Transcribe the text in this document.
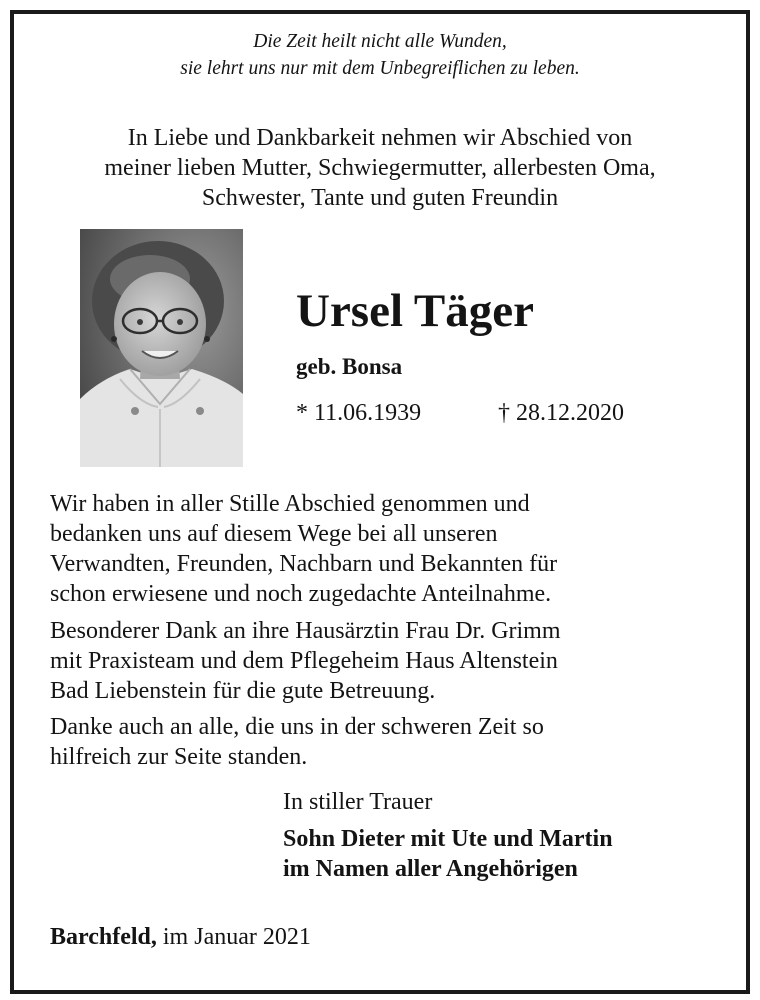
Die Zeit heilt nicht alle Wunden,
sie lehrt uns nur mit dem Unbegreiflichen zu leben.
In Liebe und Dankbarkeit nehmen wir Abschied von
meiner lieben Mutter, Schwiegermutter, allerbesten Oma,
Schwester, Tante und guten Freundin
Ursel Täger
geb. Bonsa
* 11.06.1939	† 28.12.2020

Wir haben in aller Stille Abschied genommen und
bedanken uns auf diesem Wege bei all unseren
Verwandten, Freunden, Nachbarn und Bekannten für
schon erwiesene und noch zugedachte Anteilnahme.

Besonderer Dank an ihre Hausärztin Frau Dr. Grimm
mit Praxisteam und dem Pflegeheim Haus Altenstein
Bad Liebenstein für die gute Betreuung.

Danke auch an alle, die uns in der schweren Zeit so
hilfreich zur Seite standen.

In stiller Trauer
Sohn Dieter mit Ute und Martin
im Namen aller Angehörigen
Barchfeld, im Januar 2021
